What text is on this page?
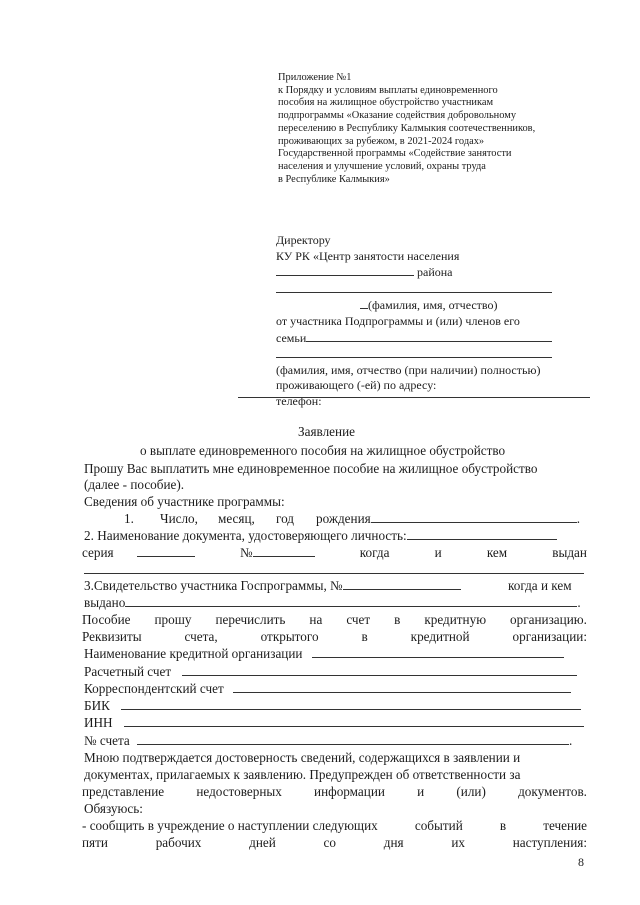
Приложение №1
к Порядку и условиям выплаты единовременного
пособия на жилищное обустройство участникам
подпрограммы «Оказание содействия добровольному
переселению в Республику Калмыкия соотечественников,
проживающих за рубежом, в 2021-2024 годах»
Государственной программы «Содействие занятости
населения и улучшение условий, охраны труда
в Республике Калмыкия»
Директору
КУ РК «Центр занятости населения
района
(фамилия, имя, отчество)
от участника Подпрограммы и (или) членов его
семьи
(фамилия, имя, отчество (при наличии) полностью)
проживающего (-ей) по адресу:
телефон:
Заявление
о выплате единовременного пособия на жилищное обустройство
Прошу Вас выплатить мне единовременное пособие на жилищное обустройство
(далее - пособие).
Сведения об участнике программы:
1.	Число,	месяц,	год	рождения	.
2. Наименование документа, удостоверяющего личность:
серия	№	когда	и	кем	выдан
3.Свидетельство участника Госпрограммы, №	когда и кем
выдано	.
Пособие прошу перечислить на счет в кредитную организацию.
Реквизиты	счета,	открытого	в	кредитной	организации:
Наименование кредитной организации
Расчетный счет
Корреспондентский счет
БИК
ИНН
№ счета	.
Мною подтверждается достоверность сведений, содержащихся в заявлении и
документах, прилагаемых к заявлению. Предупрежден об ответственности за
представление недостоверных информации и (или) документов.
Обязуюсь:
- сообщить в учреждение о наступлении следующих	событий	в	течение
пяти	рабочих	дней	со	дня	их	наступления:
8
